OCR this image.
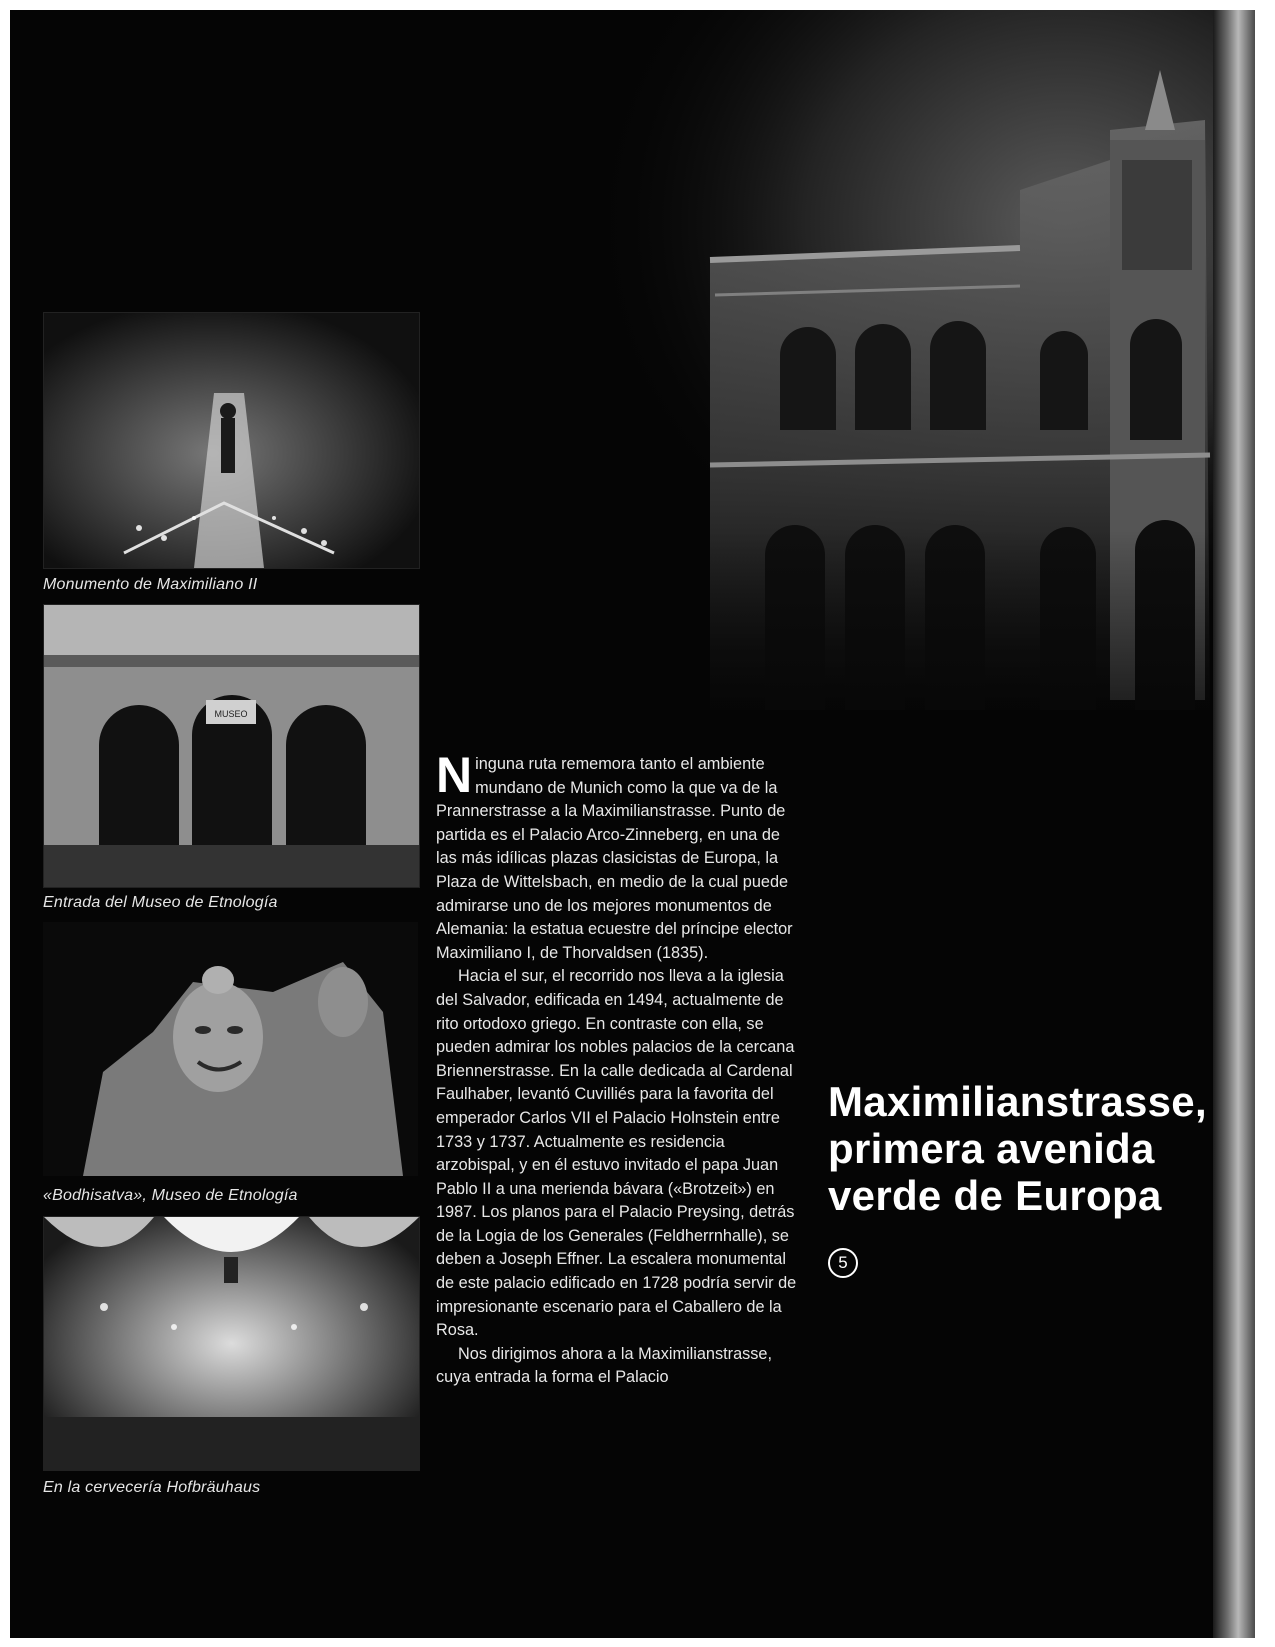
Monumento de Maximiliano II
MUSEO
Entrada del Museo de Etnología
«Bodhisatva», Museo de Etnología
En la cervecería Hofbräuhaus

Ninguna ruta rememora tanto el ambiente mundano de Munich como la que va de la Prannerstrasse a la Maximilianstrasse. Punto de partida es el Palacio Arco-Zinneberg, en una de las más idílicas plazas clasicistas de Europa, la Plaza de Wittelsbach, en medio de la cual puede admirarse uno de los mejores monumentos de Alemania: la estatua ecuestre del príncipe elector Maximiliano I, de Thorvaldsen (1835).

Hacia el sur, el recorrido nos lleva a la iglesia del Salvador, edificada en 1494, actualmente de rito ortodoxo griego. En contraste con ella, se pueden admirar los nobles palacios de la cercana Briennerstrasse. En la calle dedicada al Cardenal Faulhaber, levantó Cuvilliés para la favorita del emperador Carlos VII el Palacio Holnstein entre 1733 y 1737. Actualmente es residencia arzobispal, y en él estuvo invitado el papa Juan Pablo II a una merienda bávara («Brotzeit») en 1987. Los planos para el Palacio Preysing, detrás de la Logia de los Generales (Feldherrnhalle), se deben a Joseph Effner. La escalera monumental de este palacio edificado en 1728 podría servir de impresionante escenario para el Caballero de la Rosa.

Nos dirigimos ahora a la Maximilianstrasse, cuya entrada la forma el Palacio

Maximilianstrasse,
primera avenida
verde de Europa
5
